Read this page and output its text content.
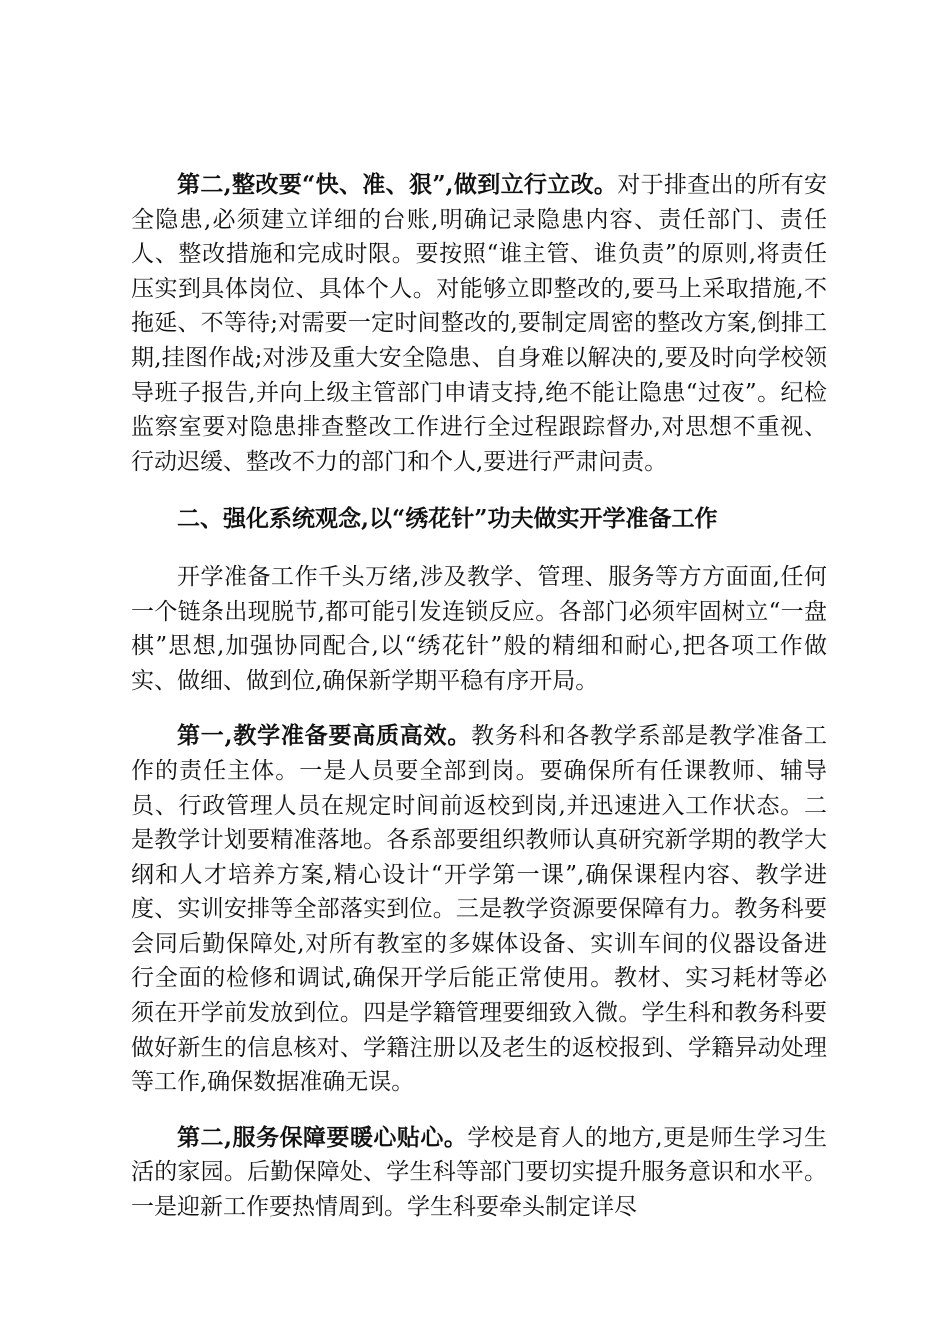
第二,整改要“快、准、狠”,做到立行立改。对于排查出的所有安全隐患,必须建立详细的台账,明确记录隐患内容、责任部门、责任人、整改措施和完成时限。要按照“谁主管、谁负责”的原则,将责任压实到具体岗位、具体个人。对能够立即整改的,要马上采取措施,不拖延、不等待;对需要一定时间整改的,要制定周密的整改方案,倒排工期,挂图作战;对涉及重大安全隐患、自身难以解决的,要及时向学校领导班子报告,并向上级主管部门申请支持,绝不能让隐患“过夜”。纪检监察室要对隐患排查整改工作进行全过程跟踪督办,对思想不重视、行动迟缓、整改不力的部门和个人,要进行严肃问责。

二、强化系统观念,以“绣花针”功夫做实开学准备工作

开学准备工作千头万绪,涉及教学、管理、服务等方方面面,任何一个链条出现脱节,都可能引发连锁反应。各部门必须牢固树立“一盘棋”思想,加强协同配合,以“绣花针”般的精细和耐心,把各项工作做实、做细、做到位,确保新学期平稳有序开局。

第一,教学准备要高质高效。教务科和各教学系部是教学准备工作的责任主体。一是人员要全部到岗。要确保所有任课教师、辅导员、行政管理人员在规定时间前返校到岗,并迅速进入工作状态。二是教学计划要精准落地。各系部要组织教师认真研究新学期的教学大纲和人才培养方案,精心设计“开学第一课”,确保课程内容、教学进度、实训安排等全部落实到位。三是教学资源要保障有力。教务科要会同后勤保障处,对所有教室的多媒体设备、实训车间的仪器设备进行全面的检修和调试,确保开学后能正常使用。教材、实习耗材等必须在开学前发放到位。四是学籍管理要细致入微。学生科和教务科要做好新生的信息核对、学籍注册以及老生的返校报到、学籍异动处理等工作,确保数据准确无误。

第二,服务保障要暖心贴心。学校是育人的地方,更是师生学习生活的家园。后勤保障处、学生科等部门要切实提升服务意识和水平。一是迎新工作要热情周到。学生科要牵头制定详尽
